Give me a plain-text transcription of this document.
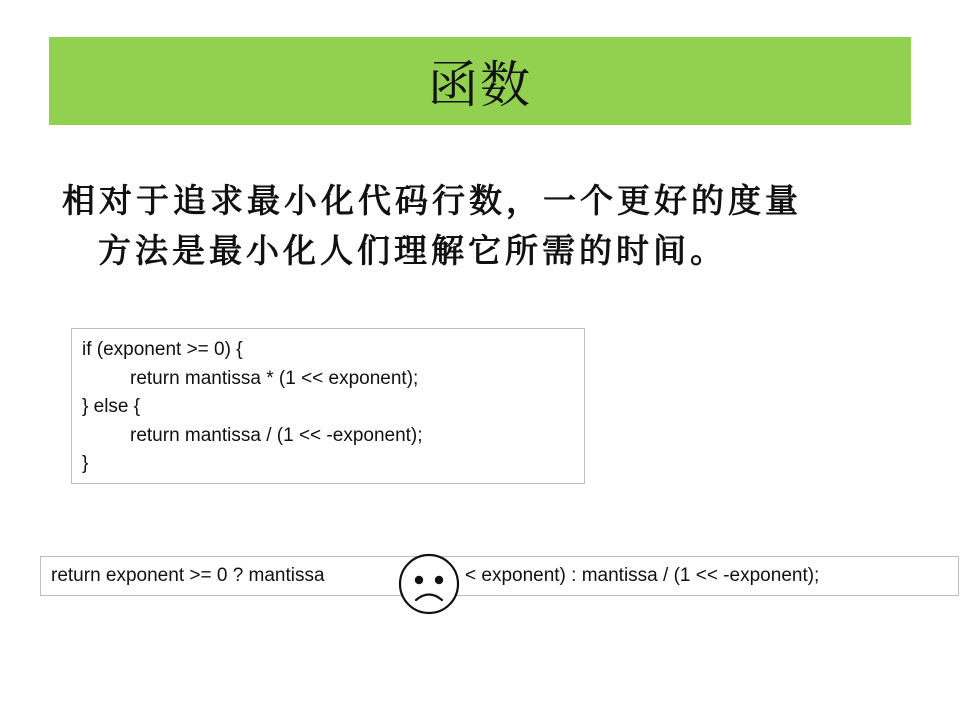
函数
相对于追求最小化代码行数，一个更好的度量
方法是最小化人们理解它所需的时间。
if (exponent >= 0) {
return mantissa * (1 << exponent);
} else {
return mantissa / (1 << -exponent);
}
return exponent >= 0 ? mantissa	< exponent) : mantissa / (1 << -exponent);
